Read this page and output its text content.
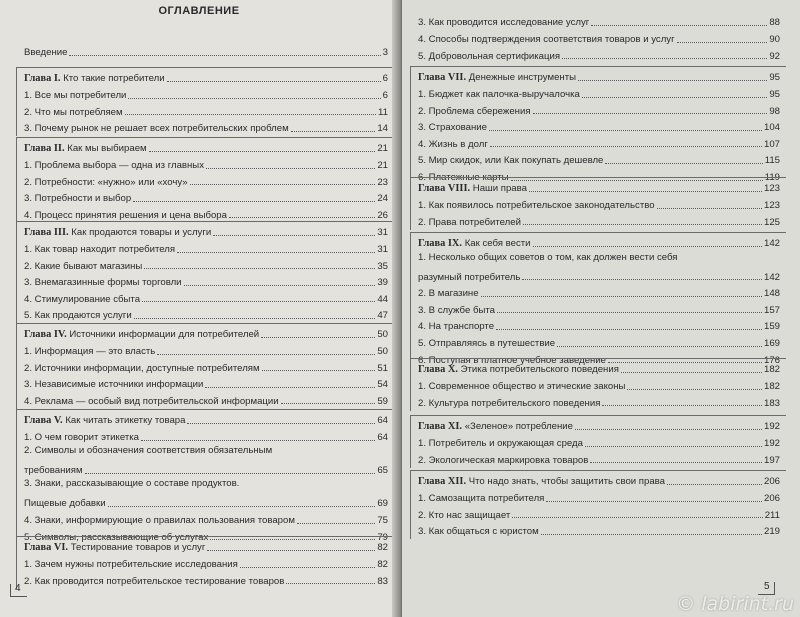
ОГЛАВЛЕНИЕ
Введение	3
Глава I. Кто такие потребители	6
1. Все мы потребители	6
2. Что мы потребляем	11
3. Почему рынок не решает всех потребительских проблем	14
Глава II. Как мы выбираем	21
1. Проблема выбора — одна из главных	21
2. Потребности: «нужно» или «хочу»	23
3. Потребности и выбор	24
4. Процесс принятия решения и цена выбора	26
Глава III. Как продаются товары и услуги	31
1. Как товар находит потребителя	31
2. Какие бывают магазины	35
3. Внемагазинные формы торговли	39
4. Стимулирование сбыта	44
5. Как продаются услуги	47
Глава IV. Источники информации для потребителей	50
1. Информация — это власть	50
2. Источники информации, доступные потребителям	51
3. Независимые источники информации	54
4. Реклама — особый вид потребительской информации	59
Глава V. Как читать этикетку товара	64
1. О чем говорит этикетка	64
2. Символы и обозначения соответствия обязательным
требованиям	65
3. Знаки, рассказывающие о составе продуктов.
Пищевые добавки	69
4. Знаки, информирующие о правилах пользования товаром	75
5. Символы, рассказывающие об услугах	79
Глава VI. Тестирование товаров и услуг	82
1. Зачем нужны потребительские исследования	82
2. Как проводится потребительское тестирование товаров	83
4
3. Как проводится исследование услуг	88
4. Способы подтверждения соответствия товаров и услуг	90
5. Добровольная сертификация	92
Глава VII. Денежные инструменты	95
1. Бюджет как палочка-выручалочка	95
2. Проблема сбережения	98
3. Страхование	104
4. Жизнь в долг	107
5. Мир скидок, или Как покупать дешевле	115
6. Платежные карты	119
Глава VIII. Наши права	123
1. Как появилось потребительское законодательство	123
2. Права потребителей	125
Глава IX. Как себя вести	142
1. Несколько общих советов о том, как должен вести себя
разумный потребитель	142
2. В магазине	148
3. В службе быта	157
4. На транспорте	159
5. Отправляясь в путешествие	169
6. Поступая в платное учебное заведение	176
Глава X. Этика потребительского поведения	182
1. Современное общество и этические законы	182
2. Культура потребительского поведения	183
Глава XI. «Зеленое» потребление	192
1. Потребитель и окружающая среда	192
2. Экологическая маркировка товаров	197
Глава XII. Что надо знать, чтобы защитить свои права	206
1. Самозащита потребителя	206
2. Кто нас защищает	211
3. Как общаться с юристом	219
5
© labirint.ru
